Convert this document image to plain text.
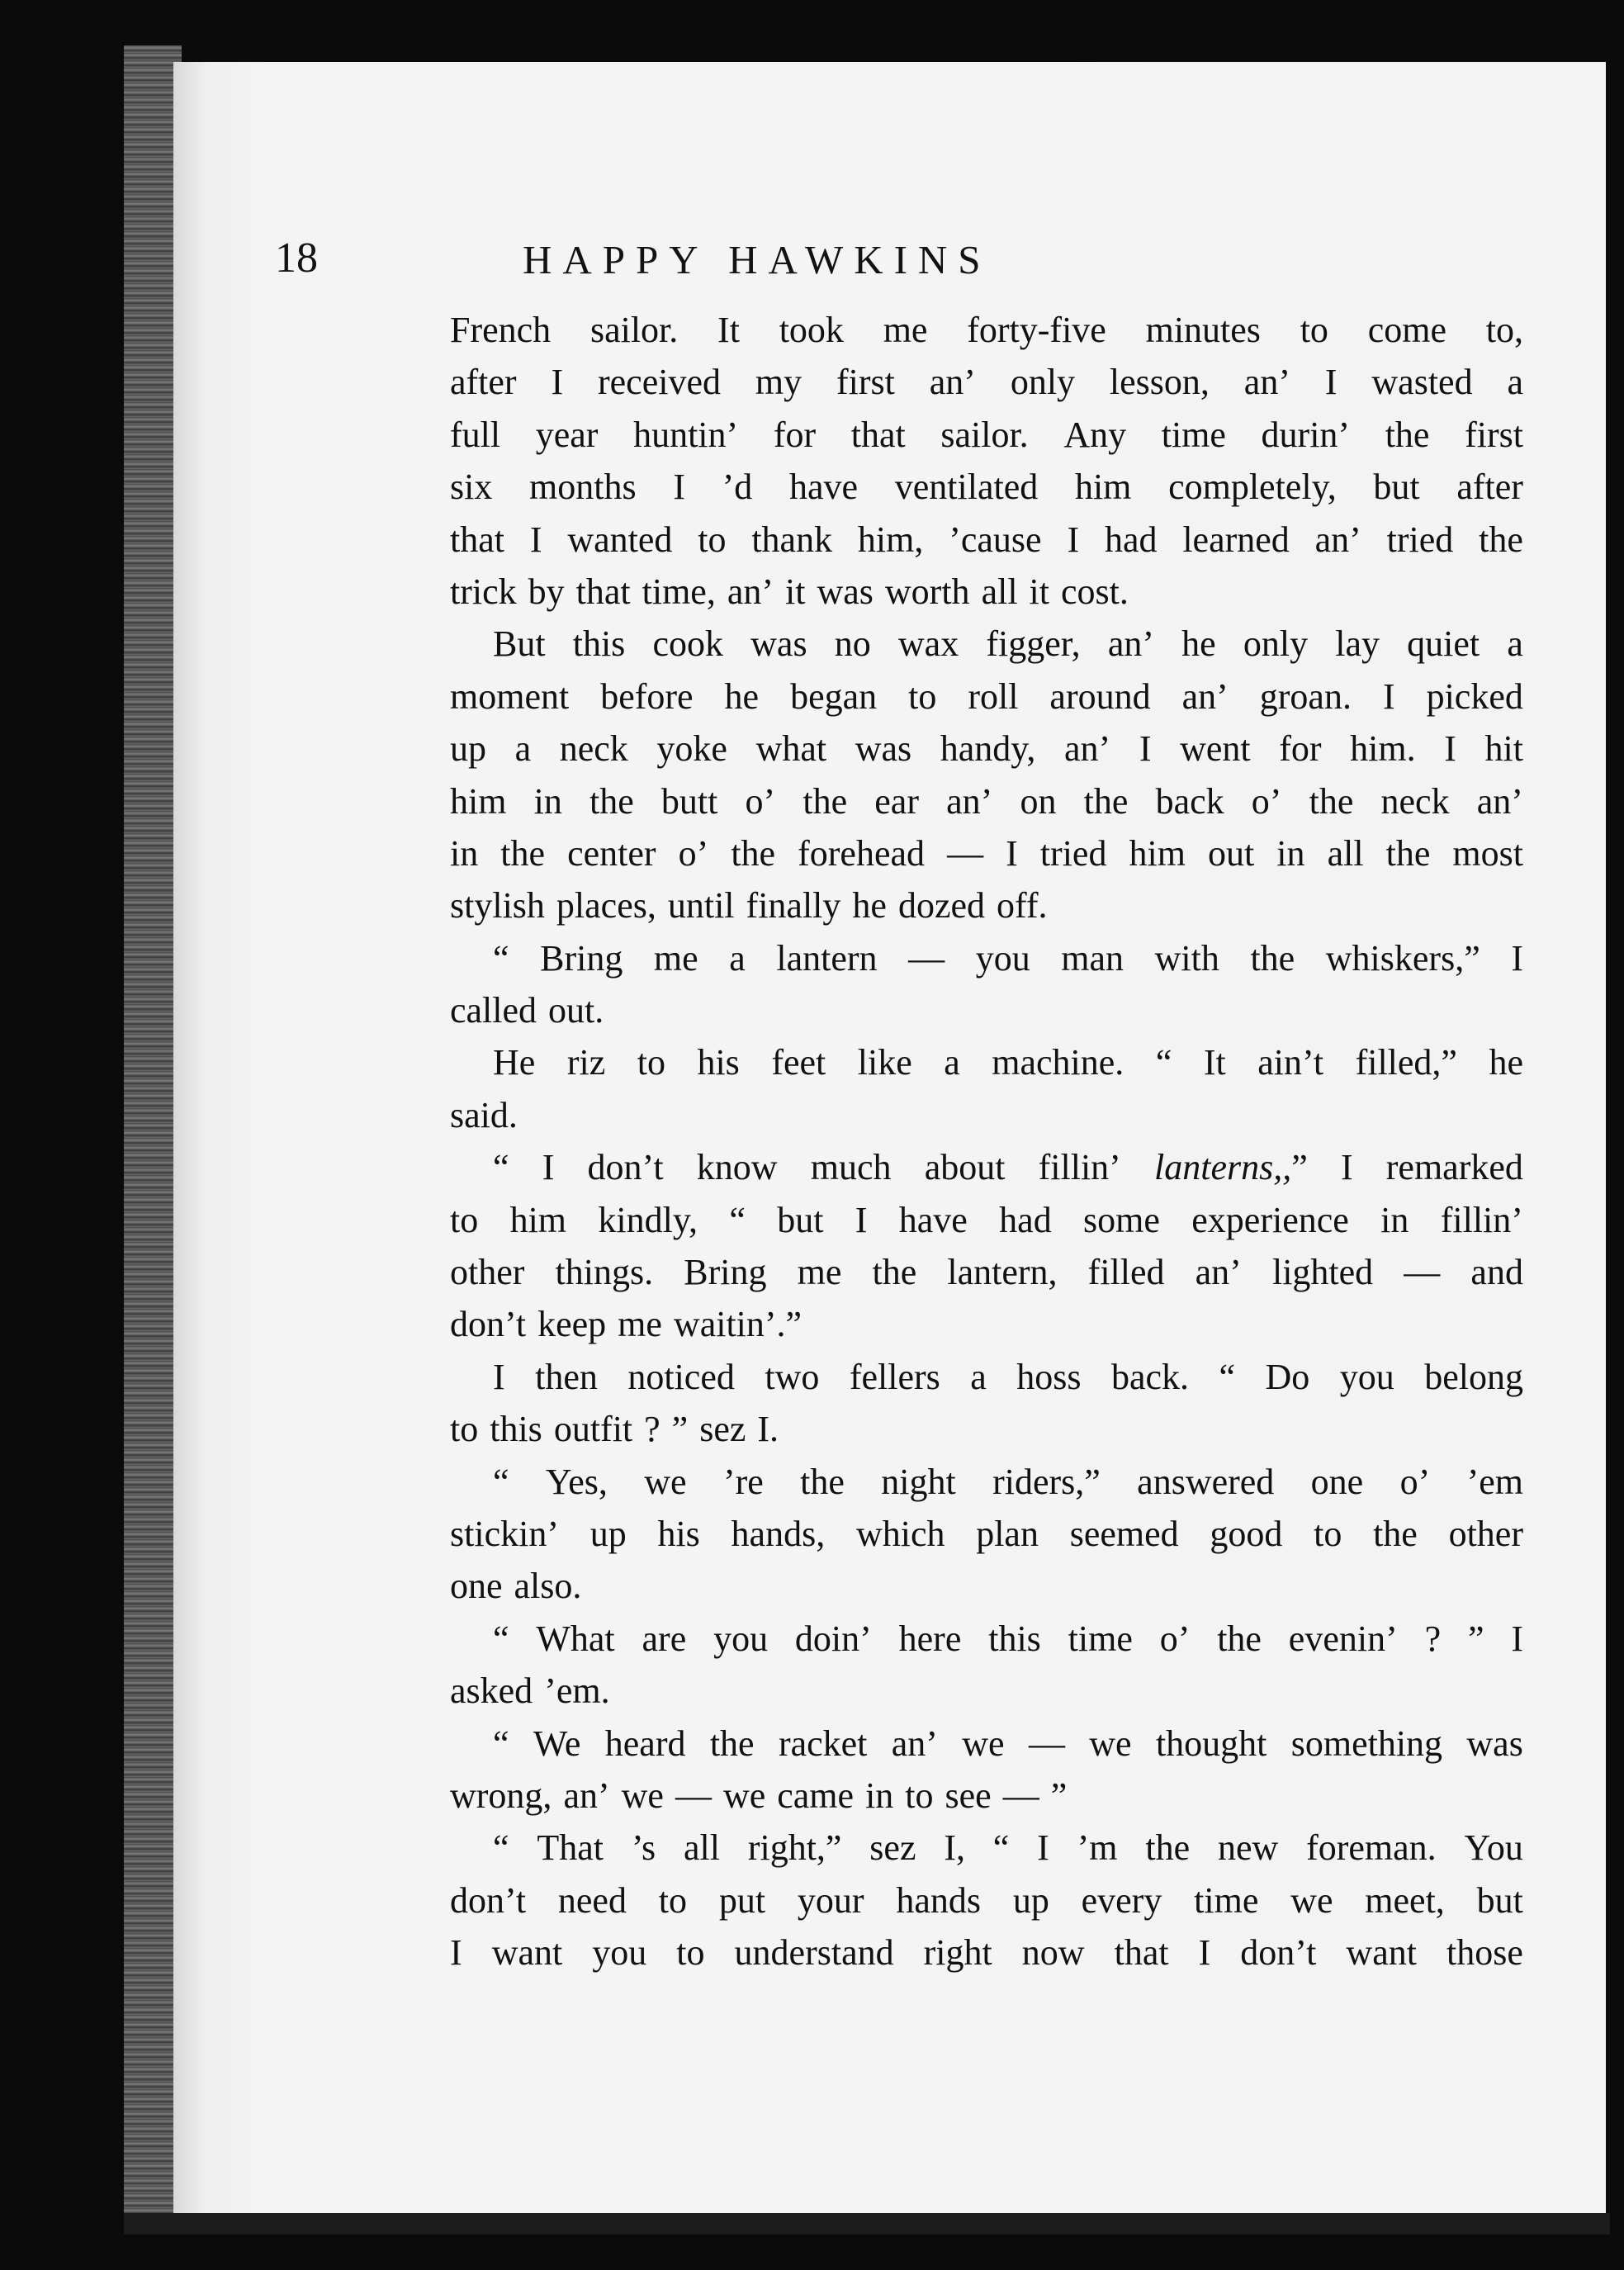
18	HAPPY HAWKINS
French sailor. It took me forty-five minutes to come to,
after I received my first an’ only lesson, an’ I wasted a
full year huntin’ for that sailor. Any time durin’ the first
six months I ’d have ventilated him completely, but after
that I wanted to thank him, ’cause I had learned an’ tried the
trick by that time, an’ it was worth all it cost.
But this cook was no wax figger, an’ he only lay quiet a
moment before he began to roll around an’ groan. I picked
up a neck yoke what was handy, an’ I went for him. I hit
him in the butt o’ the ear an’ on the back o’ the neck an’
in the center o’ the forehead — I tried him out in all the most
stylish places, until finally he dozed off.
“ Bring me a lantern — you man with the whiskers,” I
called out.
He riz to his feet like a machine. “ It ain’t filled,” he
said.
“ I don’t know much about fillin’ lanterns,,” I remarked
to him kindly, “ but I have had some experience in fillin’
other things. Bring me the lantern, filled an’ lighted — and
don’t keep me waitin’.”
I then noticed two fellers a hoss back. “ Do you belong
to this outfit ? ” sez I.
“ Yes, we ’re the night riders,” answered one o’ ’em
stickin’ up his hands, which plan seemed good to the other
one also.
“ What are you doin’ here this time o’ the evenin’ ? ” I
asked ’em.
“ We heard the racket an’ we — we thought something was
wrong, an’ we — we came in to see — ”
“ That ’s all right,” sez I, “ I ’m the new foreman. You
don’t need to put your hands up every time we meet, but
I want you to understand right now that I don’t want those
